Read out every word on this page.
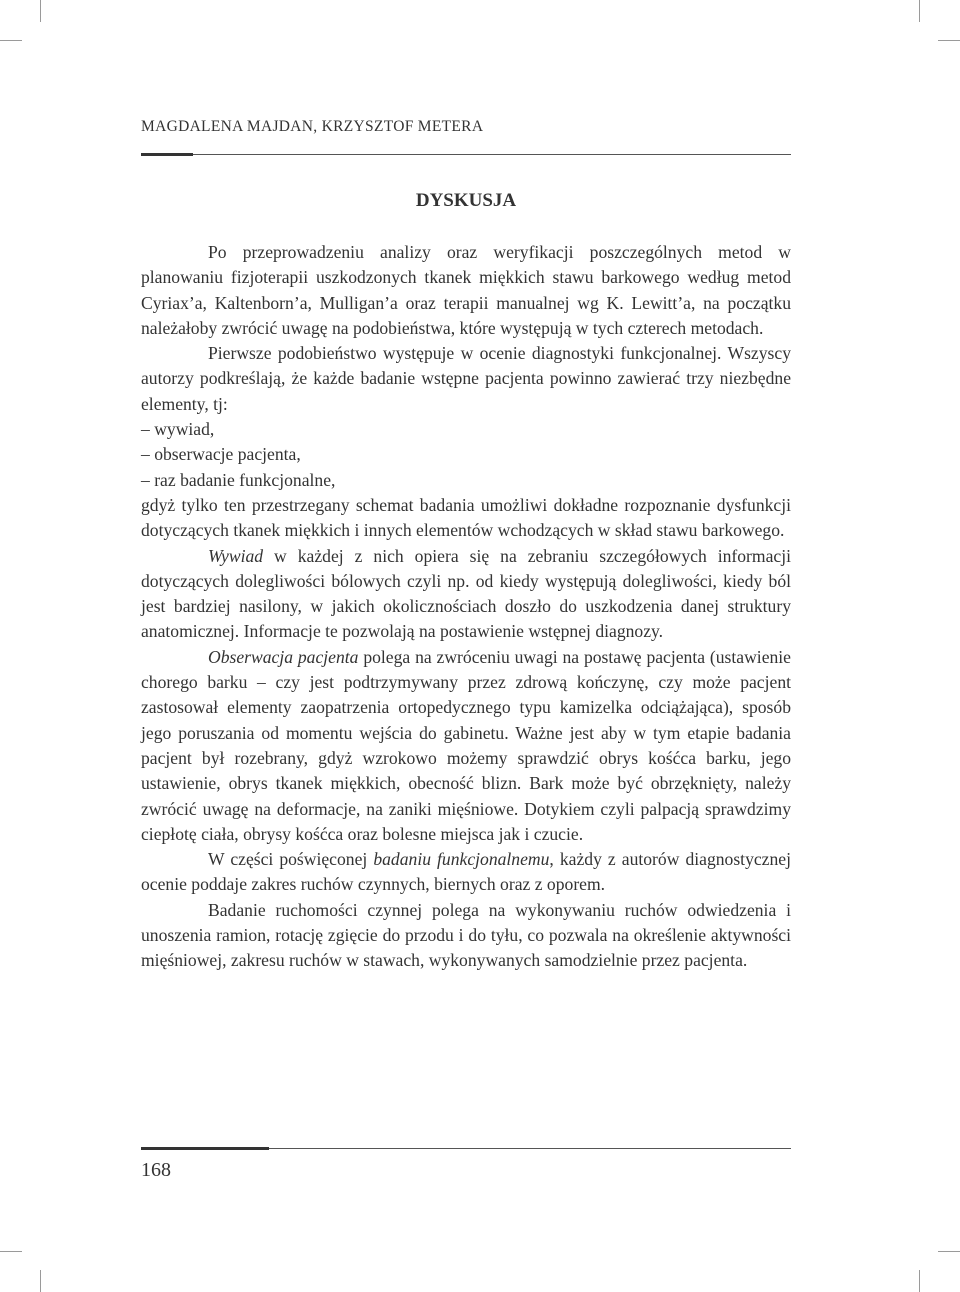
MAGDALENA MAJDAN, KRZYSZTOF METERA
DYSKUSJA

Po przeprowadzeniu analizy oraz weryfikacji poszczególnych metod w planowaniu fizjoterapii uszkodzonych tkanek miękkich stawu barkowego według metod Cyriax’a, Kaltenborn’a, Mulligan’a oraz terapii manualnej wg K. Lewitt’a, na początku należałoby zwrócić uwagę na podobieństwa, które występują w tych czterech metodach.

Pierwsze podobieństwo występuje w ocenie diagnostyki funkcjonalnej. Wszyscy autorzy podkreślają, że każde badanie wstępne pacjenta powinno zawierać trzy niezbędne elementy, tj:

– wywiad,

– obserwacje pacjenta,

– raz badanie funkcjonalne,

gdyż tylko ten przestrzegany schemat badania umożliwi dokładne rozpoznanie dysfunkcji dotyczących tkanek miękkich i innych elementów wchodzących w skład stawu barkowego.

Wywiad w każdej z nich opiera się na zebraniu szczegółowych informacji dotyczących dolegliwości bólowych czyli np. od kiedy występują dolegliwości, kiedy ból jest bardziej nasilony, w jakich okolicznościach doszło do uszkodzenia danej struktury anatomicznej. Informacje te pozwolają na postawienie wstępnej diagnozy.

Obserwacja pacjenta polega na zwróceniu uwagi na postawę pacjenta (ustawienie chorego barku – czy jest podtrzymywany przez zdrową kończynę, czy może pacjent zastosował elementy zaopatrzenia ortopedycznego typu kamizelka odciążająca), sposób jego poruszania od momentu wejścia do gabinetu. Ważne jest aby w tym etapie badania pacjent był rozebrany, gdyż wzrokowo możemy sprawdzić obrys kośćca barku, jego ustawienie, obrys tkanek miękkich, obecność blizn. Bark może być obrzęknięty, należy zwrócić uwagę na deformacje, na zaniki mięśniowe. Dotykiem czyli palpacją sprawdzimy ciepłotę ciała, obrysy kośćca oraz bolesne miejsca jak i czucie.

W części poświęconej badaniu funkcjonalnemu, każdy z autorów diagnostycznej ocenie poddaje zakres ruchów czynnych, biernych oraz z oporem.

Badanie ruchomości czynnej polega na wykonywaniu ruchów odwiedzenia i unoszenia ramion, rotację zgięcie do przodu i do tyłu, co pozwala na określenie aktywności mięśniowej, zakresu ruchów w stawach, wykonywanych samodzielnie przez pacjenta.

168
